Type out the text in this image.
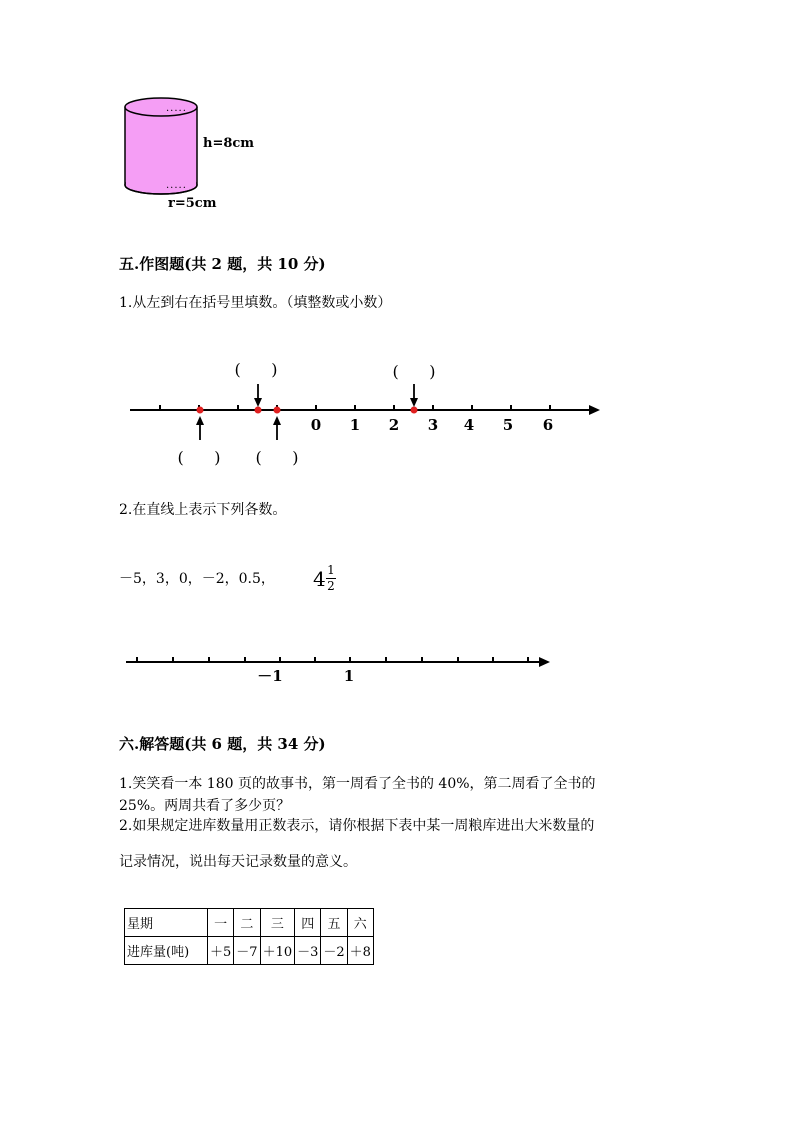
.....
.....
h=8cm
r=5cm
五.作图题(共 2 题，共 10 分)
1.从左到右在括号里填数。（填整数或小数）
0 1 2 3 4 5 6
(      )	(      )
(      ) (      )
2.在直线上表示下列各数。
－5，3，0，－2，0.5， 4 1
2
－1	1
六.解答题(共 6 题，共 34 分)
1.笑笑看一本 180 页的故事书，第一周看了全书的 40%，第二周看了全书的
25%。两周共看了多少页？
2.如果规定进库数量用正数表示，请你根据下表中某一周粮库进出大米数量的
记录情况，说出每天记录数量的意义。
星期	一	二	三	四	五	六
进库量(吨)	＋5	－7	＋10	－3	－2	＋8
